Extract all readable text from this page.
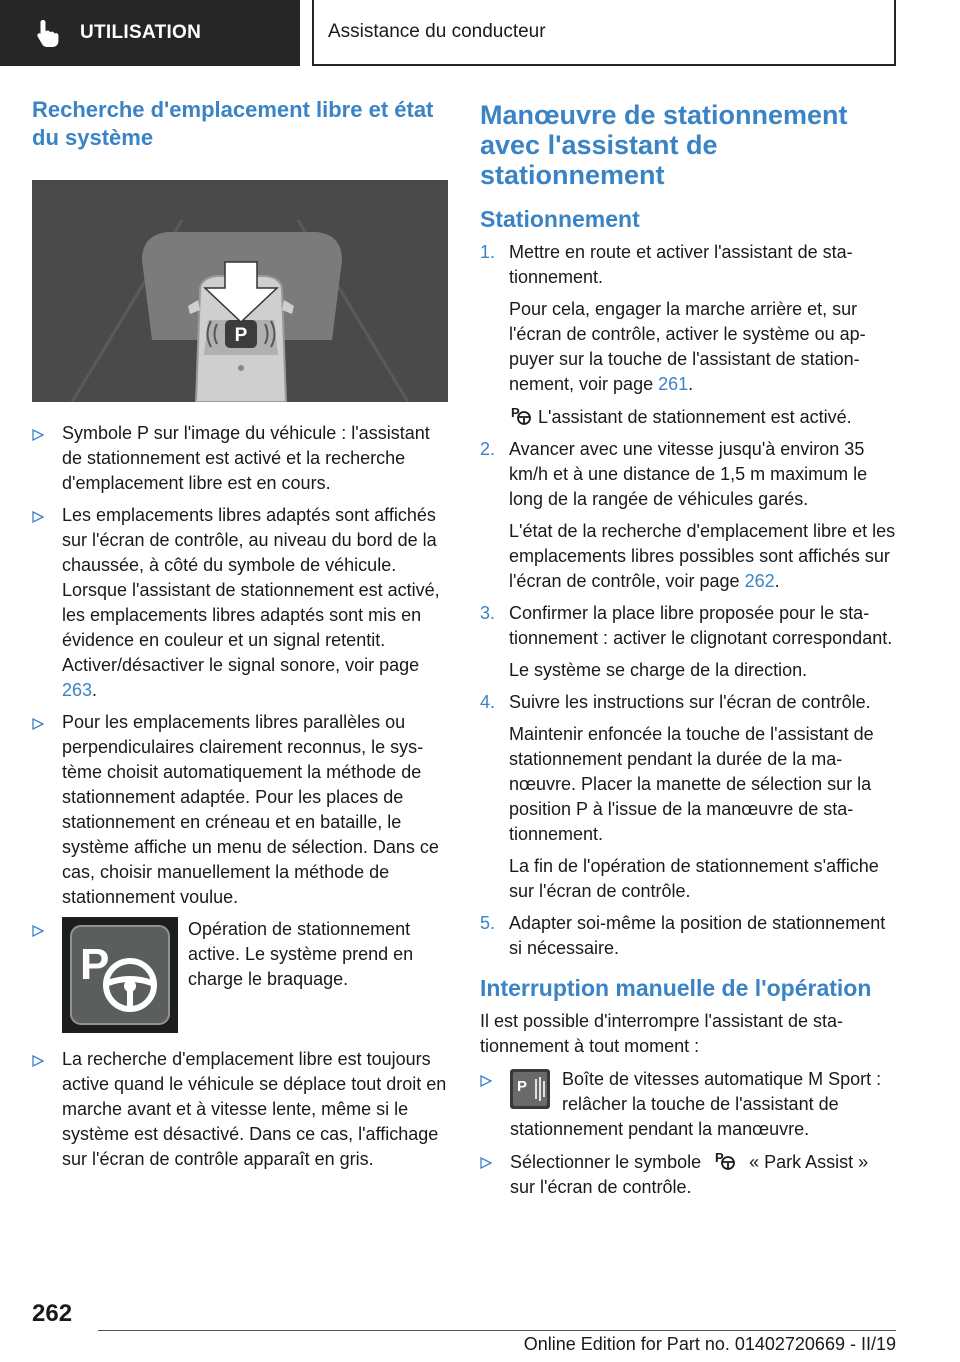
UTILISATION	Assistance du conducteur
Recherche d'emplacement libre et état du système
P
Symbole P sur l'image du véhicule : l'assistant de stationnement est activé et la recherche d'emplacement libre est en cours.
Les emplacements libres adaptés sont affichés sur l'écran de contrôle, au niveau du bord de la chaussée, à côté du symbole de véhicule. Lorsque l'assistant de stationnement est activé, les emplacements libres adaptés sont mis en évidence en couleur et un signal retentit. Activer/désactiver le signal sonore, voir page 263.
Pour les emplacements libres parallèles ou perpendiculaires clairement reconnus, le système choisit automatiquement la méthode de stationnement adaptée. Pour les places de stationnement en créneau et en bataille, le système affiche un menu de sélection. Dans ce cas, choisir manuellement la méthode de stationnement voulue.
P
Opération de stationnement active. Le système prend en charge le braquage.
La recherche d'emplacement libre est toujours active quand le véhicule se déplace tout droit en marche avant et à vitesse lente, même si le système est désactivé. Dans ce cas, l'affichage sur l'écran de contrôle apparaît en gris.
Manœuvre de stationnement avec l'assistant de stationnement
Stationnement
1. Mettre en route et activer l'assistant de stationnement.

Pour cela, engager la marche arrière et, sur l'écran de contrôle, activer le système ou appuyer sur la touche de l'assistant de stationnement, voir page 261.

P L'assistant de stationnement est activé.

2. Avancer avec une vitesse jusqu'à environ 35 km/h et à une distance de 1,5 m maximum le long de la rangée de véhicules garés.

L'état de la recherche d'emplacement libre et les emplacements libres possibles sont affichés sur l'écran de contrôle, voir page 262.

3. Confirmer la place libre proposée pour le stationnement : activer le clignotant correspondant.

Le système se charge de la direction.

4. Suivre les instructions sur l'écran de contrôle.

Maintenir enfoncée la touche de l'assistant de stationnement pendant la durée de la manœuvre. Placer la manette de sélection sur la position P à l'issue de la manœuvre de stationnement.

La fin de l'opération de stationnement s'affiche sur l'écran de contrôle.

5. Adapter soi-même la position de stationnement si nécessaire.

Interruption manuelle de l'opération

Il est possible d'interrompre l'assistant de stationnement à tout moment :

P Boîte de vitesses automatique M Sport : relâcher la touche de l'assistant de stationnement pendant la manœuvre.
Sélectionner le symbole P « Park Assist » sur l'écran de contrôle.
262
Online Edition for Part no. 01402720669 - II/19
